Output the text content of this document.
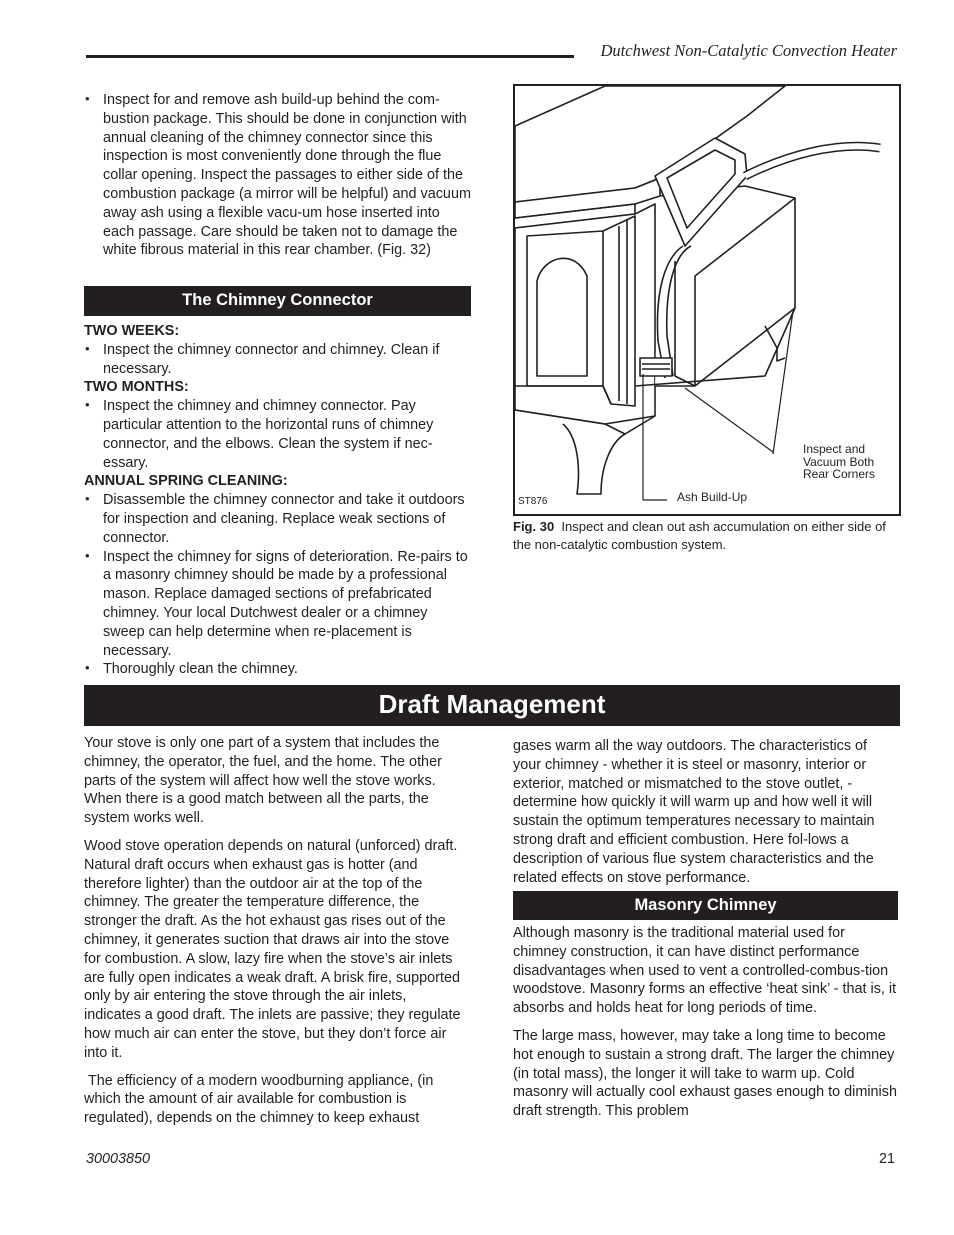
Dutchwest Non-Catalytic Convection Heater
• Inspect for and remove ash build-up behind the com-bustion package. This should be done in conjunction with annual cleaning of the chimney connector since this inspection is most conveniently done through the flue collar opening. Inspect the passages to either side of the combustion package (a mirror will be helpful) and vacuum away ash using a flexible vacu-um hose inserted into each passage. Care should be taken not to damage the white fibrous material in this rear chamber. (Fig. 32)
The Chimney Connector
TWO WEEKS:
• Inspect the chimney connector and chimney. Clean if necessary.
TWO MONTHS:
• Inspect the chimney and chimney connector. Pay particular attention to the horizontal runs of chimney connector, and the elbows. Clean the system if nec-essary.
ANNUAL SPRING CLEANING:
• Disassemble the chimney connector and take it outdoors for inspection and cleaning. Replace weak sections of connector.
• Inspect the chimney for signs of deterioration. Re-pairs to a masonry chimney should be made by a professional mason. Replace damaged sections of prefabricated chimney. Your local Dutchwest dealer or a chimney sweep can help determine when re-placement is necessary.
• Thoroughly clean the chimney.
ST876	Ash Build-Up
Inspect and
Vacuum Both
Rear Corners
Fig. 30 Inspect and clean out ash accumulation on either side of the non-catalytic combustion system.
Draft Management

Your stove is only one part of a system that includes the chimney, the operator, the fuel, and the home. The other parts of the system will affect how well the stove works. When there is a good match between all the parts, the system works well.

Wood stove operation depends on natural (unforced) draft. Natural draft occurs when exhaust gas is hotter (and therefore lighter) than the outdoor air at the top of the chimney. The greater the temperature difference, the stronger the draft. As the hot exhaust gas rises out of the chimney, it generates suction that draws air into the stove for combustion. A slow, lazy fire when the stove’s air inlets are fully open indicates a weak draft. A brisk fire, supported only by air entering the stove through the air inlets, indicates a good draft. The inlets are passive; they regulate how much air can enter the stove, but they don’t force air into it.

The efficiency of a modern woodburning appliance, (in which the amount of air available for combustion is regulated), depends on the chimney to keep exhaust

gases warm all the way outdoors. The characteristics of your chimney - whether it is steel or masonry, interior or exterior, matched or mismatched to the stove outlet, - determine how quickly it will warm up and how well it will sustain the optimum temperatures necessary to maintain strong draft and efficient combustion. Here fol-lows a description of various flue system characteristics and the related effects on stove performance.

Masonry Chimney

Although masonry is the traditional material used for chimney construction, it can have distinct performance disadvantages when used to vent a controlled-combus-tion woodstove. Masonry forms an effective ‘heat sink’ - that is, it absorbs and holds heat for long periods of time.

The large mass, however, may take a long time to become hot enough to sustain a strong draft. The larger the chimney (in total mass), the longer it will take to warm up. Cold masonry will actually cool exhaust gases enough to diminish draft strength. This problem

30003850	21
